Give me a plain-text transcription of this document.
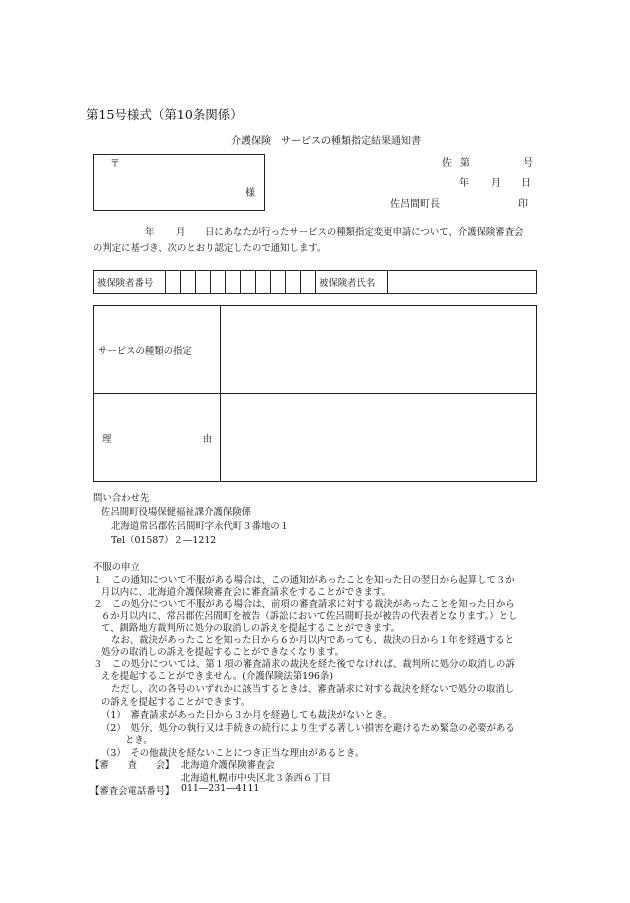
第15号様式（第10条関係）
介護保険　サービスの種類指定結果通知書
〒
様
佐 第	号
年 月 日
佐呂間町長	印
年 月 日にあなたが行ったサービスの種類指定変更申請について、介護保険審査会
の判定に基づき、次のとおり認定したので通知します。
被保険者番号											被保険者氏名	
サービスの種類の指定	

理 由	

問い合わせ先
佐呂間町役場保健福祉課介護保険係
北海道常呂郡佐呂間町字永代町３番地の１
Tel（01587）２―1212
不服の申立
１　この通知について不服がある場合は、この通知があったことを知った日の翌日から起算して３か
月以内に、北海道介護保険審査会に審査請求をすることができます。
２　この処分について不服がある場合は、前項の審査請求に対する裁決があったことを知った日から
６か月以内に、常呂郡佐呂間町を被告（訴訟において佐呂間町長が被告の代表者となります。）とし
て、釧路地方裁判所に処分の取消しの訴えを提起することができます。
なお、裁決があったことを知った日から６か月以内であっても、裁決の日から１年を経過すると
処分の取消しの訴えを提起することができなくなります。
３　この処分については、第１項の審査請求の裁決を経た後でなければ、裁判所に処分の取消しの訴
えを提起することができません。(介護保険法第196条)
ただし、次の各号のいずれかに該当するときは、審査請求に対する裁決を経ないで処分の取消し
の訴えを提起することができます。
（1）　審査請求があった日から３か月を経過しても裁決がないとき。
（2）　処分、処分の執行又は手続きの続行により生ずる著しい損害を避けるため緊急の必要がある
とき。
（3）　その他裁決を経ないことにつき正当な理由があるとき。
【審　　査　　会】 北海道介護保険審査会
北海道札幌市中央区北３条西６丁目
【審査会電話番号】 011―231―4111
